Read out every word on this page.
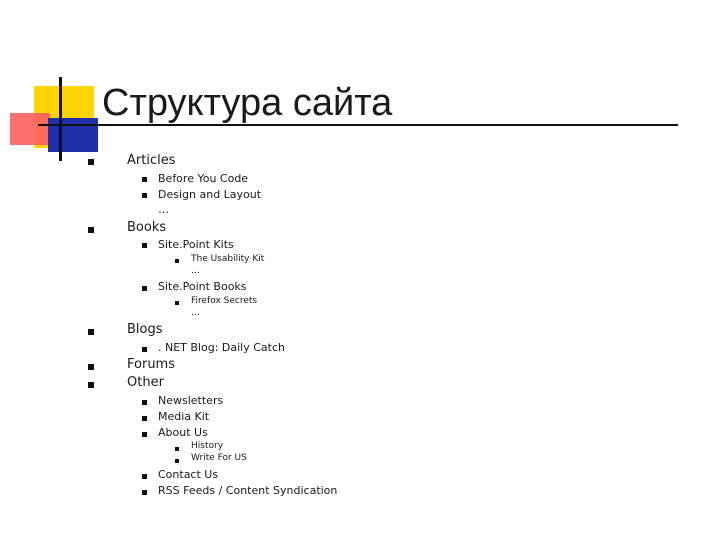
Структура сайта
Articles
Before You Code
Design and Layout
…
Books
Site.Point Kits
The Usability Kit
…
Site.Point Books
Firefox Secrets
…
Blogs
. NET Blog: Daily Catch
Forums
Other
Newsletters
Media Kit
About Us
History
Write For US
Contact Us
RSS Feeds / Content Syndication
